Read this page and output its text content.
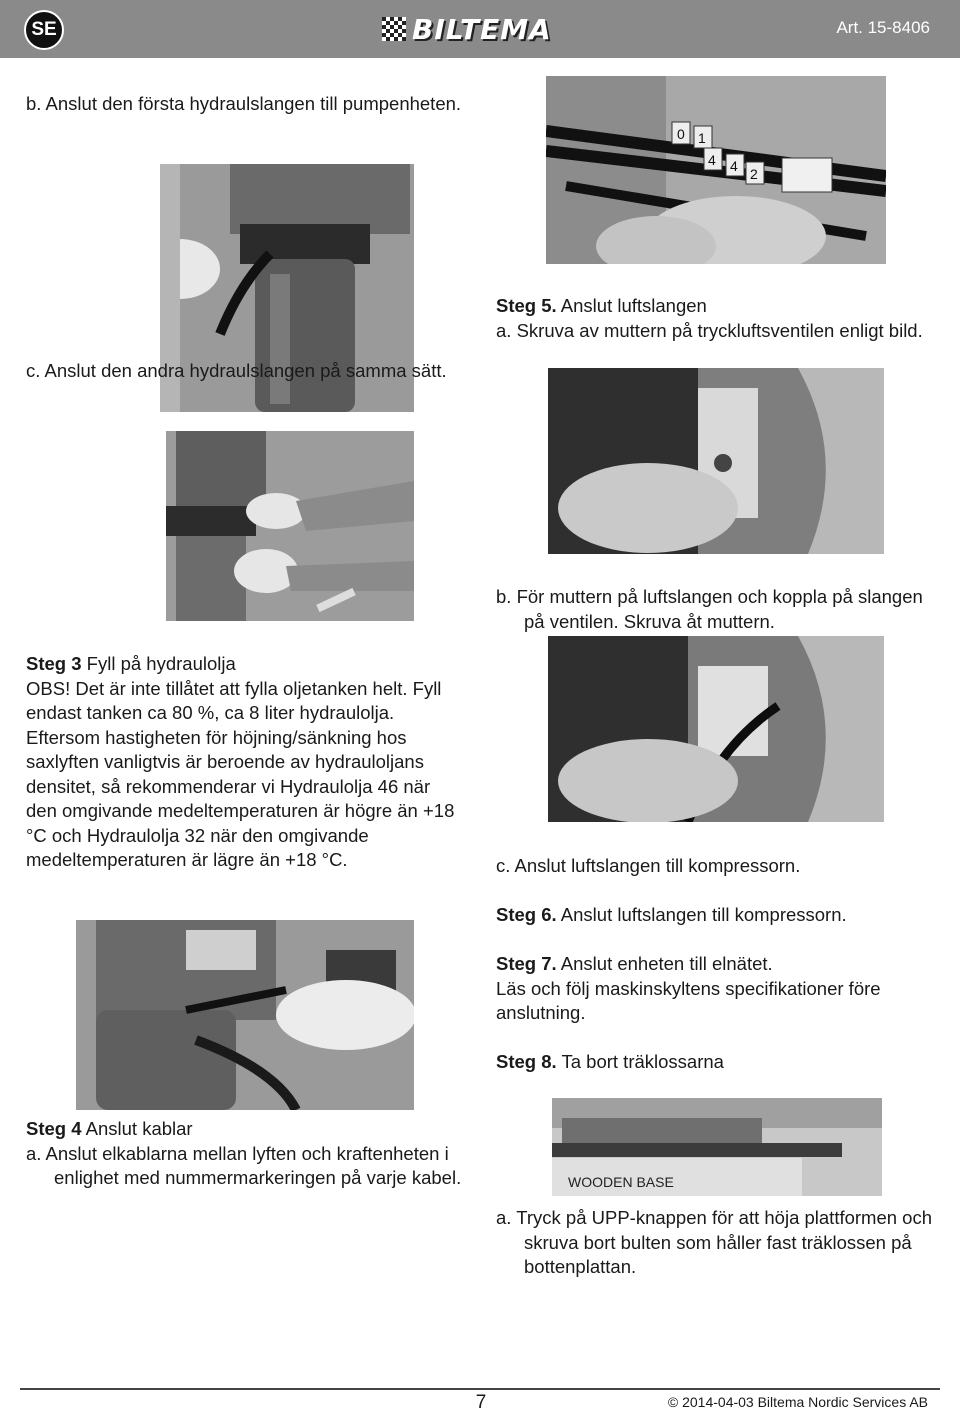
SE	BILTEMA	Art. 15-8406
b. Anslut den första hydraulslangen till pumpenheten.
c. Anslut den andra hydraulslangen på samma sätt.
Steg 3 Fyll på hydraulolja
OBS! Det är inte tillåtet att fylla oljetanken helt. Fyll endast tanken ca 80 %, ca 8 liter hydraulolja. Eftersom hastigheten för höjning/sänkning hos saxlyften vanligtvis är beroende av hydrauloljans densitet, så rekommenderar vi Hydraulolja 46 när den omgivande medeltemperaturen är högre än +18 °C och Hydraulolja 32 när den omgivande medeltemperaturen är lägre än +18 °C.
Steg 4 Anslut kablar
a. Anslut elkablarna mellan lyften och kraftenheten i enlighet med nummermarkeringen på varje kabel.
0
4 4
1
2
Steg 5. Anslut luftslangen
a. Skruva av muttern på tryckluftsventilen enligt bild.
b. För muttern på luftslangen och koppla på slangen på ventilen. Skruva åt muttern.
c. Anslut luftslangen till kompressorn.
Steg 6. Anslut luftslangen till kompressorn.
Steg 7. Anslut enheten till elnätet.
Läs och följ maskinskyltens specifikationer före anslutning.
Steg 8. Ta bort träklossarna
WOODEN BASE
a. Tryck på UPP-knappen för att höja plattformen och skruva bort bulten som håller fast träklossen på bottenplattan.
7	© 2014-04-03 Biltema Nordic Services AB
